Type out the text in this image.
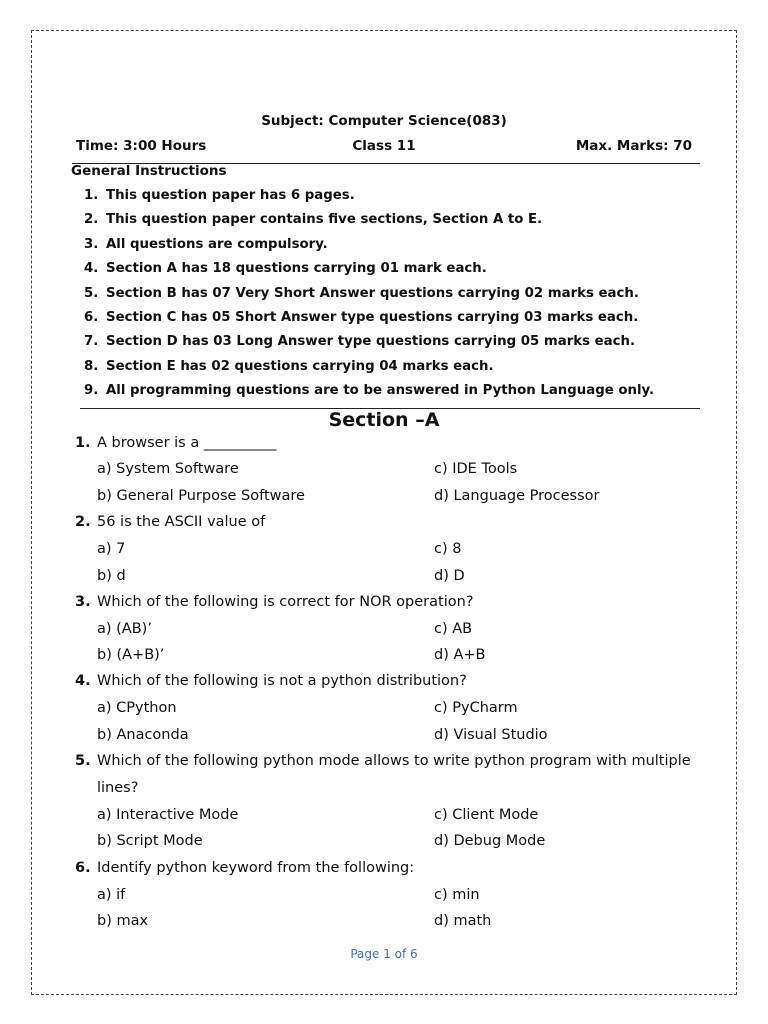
Subject: Computer Science(083)
Time: 3:00 Hours	Class 11	Max. Marks: 70
General Instructions
1. This question paper has 6 pages.
2. This question paper contains five sections, Section A to E.
3. All questions are compulsory.
4. Section A has 18 questions carrying 01 mark each.
5. Section B has 07 Very Short Answer questions carrying 02 marks each.
6. Section C has 05 Short Answer type questions carrying 03 marks each.
7. Section D has 03 Long Answer type questions carrying 05 marks each.
8. Section E has 02 questions carrying 04 marks each.
9. All programming questions are to be answered in Python Language only.
Section –A
1. A browser is a __________
a) System Software	c) IDE Tools
b) General Purpose Software	d) Language Processor
2. 56 is the ASCII value of
a) 7	c) 8
b) d	d) D
3. Which of the following is correct for NOR operation?
a) (AB)’	c) AB
b) (A+B)’	d) A+B
4. Which of the following is not a python distribution?
a) CPython	c) PyCharm
b) Anaconda	d) Visual Studio
5. Which of the following python mode allows to write python program with multiple lines?
a) Interactive Mode	c) Client Mode
b) Script Mode	d) Debug Mode
6. Identify python keyword from the following:
a) if	c) min
b) max	d) math
Page 1 of 6
